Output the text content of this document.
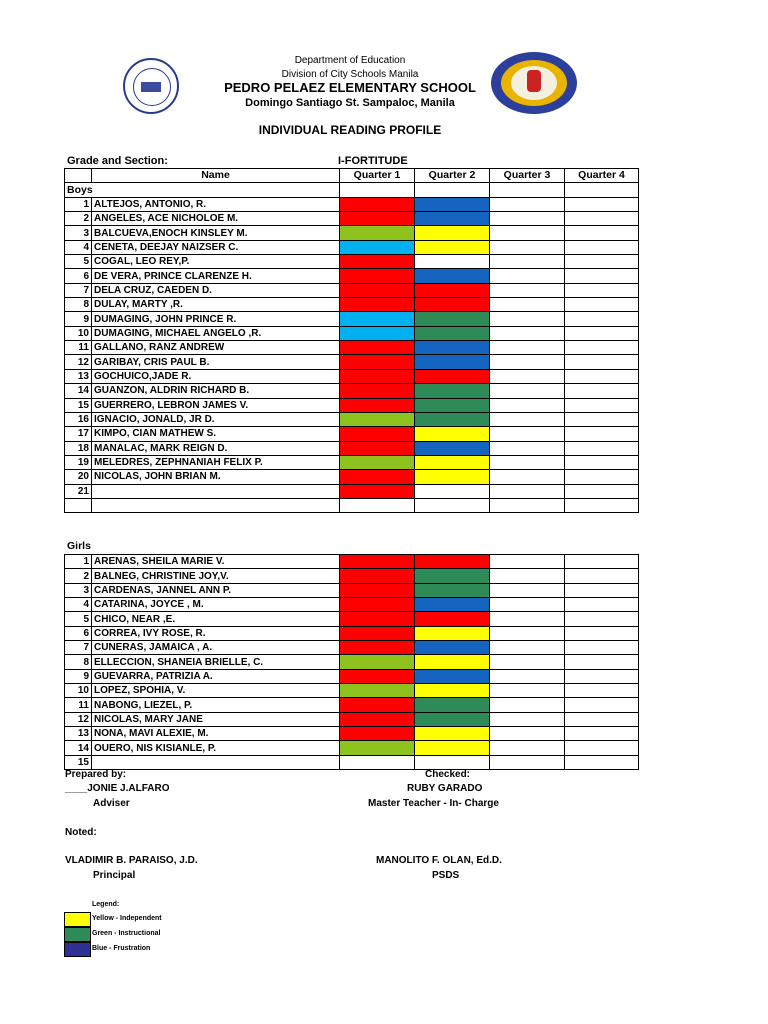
Department of Education
Division of City Schools Manila
PEDRO PELAEZ ELEMENTARY SCHOOL
Domingo Santiago St. Sampaloc, Manila
INDIVIDUAL READING PROFILE
Grade and Section:	I-FORTITUDE
	Name	Quarter 1	Quarter 2	Quarter 3	Quarter 4
Boys					
1	ALTEJOS, ANTONIO, R.				
2	ANGELES, ACE NICHOLOE M.				
3	BALCUEVA,ENOCH KINSLEY M.				
4	CENETA, DEEJAY NAIZSER C.				
5	COGAL, LEO REY,P.				
6	DE VERA, PRINCE CLARENZE H.				
7	DELA CRUZ, CAEDEN D.				
8	DULAY, MARTY ,R.				
9	DUMAGING, JOHN PRINCE R.				
10	DUMAGING, MICHAEL ANGELO ,R.				
11	GALLANO, RANZ ANDREW				
12	GARIBAY, CRIS PAUL B.				
13	GOCHUICO,JADE R.				
14	GUANZON, ALDRIN RICHARD B.				
15	GUERRERO, LEBRON JAMES V.				
16	IGNACIO, JONALD, JR D.				
17	KIMPO, CIAN MATHEW S.				
18	MANALAC, MARK REIGN D.				
19	MELEDRES, ZEPHNANIAH FELIX P.				
20	NICOLAS, JOHN BRIAN M.				
21					

Girls
1	ARENAS, SHEILA MARIE V.				
2	BALNEG, CHRISTINE JOY,V.				
3	CARDENAS, JANNEL ANN P.				
4	CATARINA, JOYCE , M.				
5	CHICO, NEAR ,E.				
6	CORREA, IVY ROSE, R.				
7	CUNERAS, JAMAICA , A.				
8	ELLECCION, SHANEIA BRIELLE, C.				
9	GUEVARRA, PATRIZIA A.				
10	LOPEZ, SPOHIA, V.				
11	NABONG, LIEZEL, P.				
12	NICOLAS, MARY JANE				
13	NONA, MAVI ALEXIE, M.				
14	OUERO, NIS KISIANLE, P.				
15					
Prepared by:	Checked:
____JONIE J.ALFARO	RUBY GARADO
Adviser	Master Teacher - In- Charge
Noted:
VLADIMIR B. PARAISO, J.D.	MANOLITO F. OLAN, Ed.D.
Principal	PSDS
Legend:
Yellow - Independent
Green - Instructional
Blue - Frustration
